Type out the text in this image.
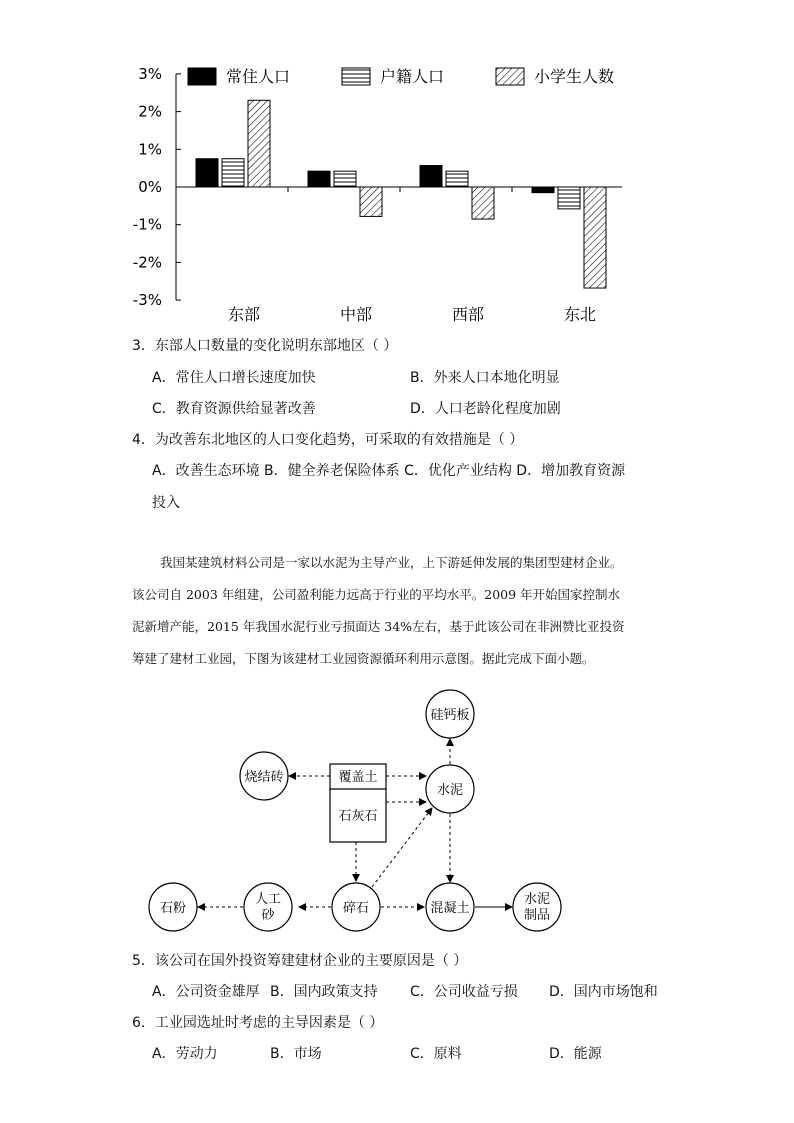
常住人口	户籍人口	小学生人数
3%
2%
1%
0%
-1%
-2%
-3%
东部	中部	西部	东北
3．东部人口数量的变化说明东部地区（ ）
A．常住人口增长速度加快	B．外来人口本地化明显
C．教育资源供给显著改善	D．人口老龄化程度加剧
4．为改善东北地区的人口变化趋势，可采取的有效措施是（ ）
A．改善生态环境 B．健全养老保险体系 C．优化产业结构 D．增加教育资源
投入
我国某建筑材料公司是一家以水泥为主导产业，上下游延伸发展的集团型建材企业。
该公司自 2003 年组建，公司盈利能力远高于行业的平均水平。2009 年开始国家控制水
泥新增产能，2015 年我国水泥行业亏损面达 34%左右，基于此该公司在非洲赞比亚投资
筹建了建材工业园，下图为该建材工业园资源循环利用示意图。据此完成下面小题。
硅钙板
烧结砖	覆盖土
石灰石
水泥
石粉
人工
砂	碎石	混凝土
水泥
制品
5．该公司在国外投资筹建建材企业的主要原因是（ ）
A．公司资金雄厚 B．国内政策支持 C．公司收益亏损 D．国内市场饱和
6．工业园选址时考虑的主导因素是（ ）
A．劳动力	B．市场	C．原料	D．能源
